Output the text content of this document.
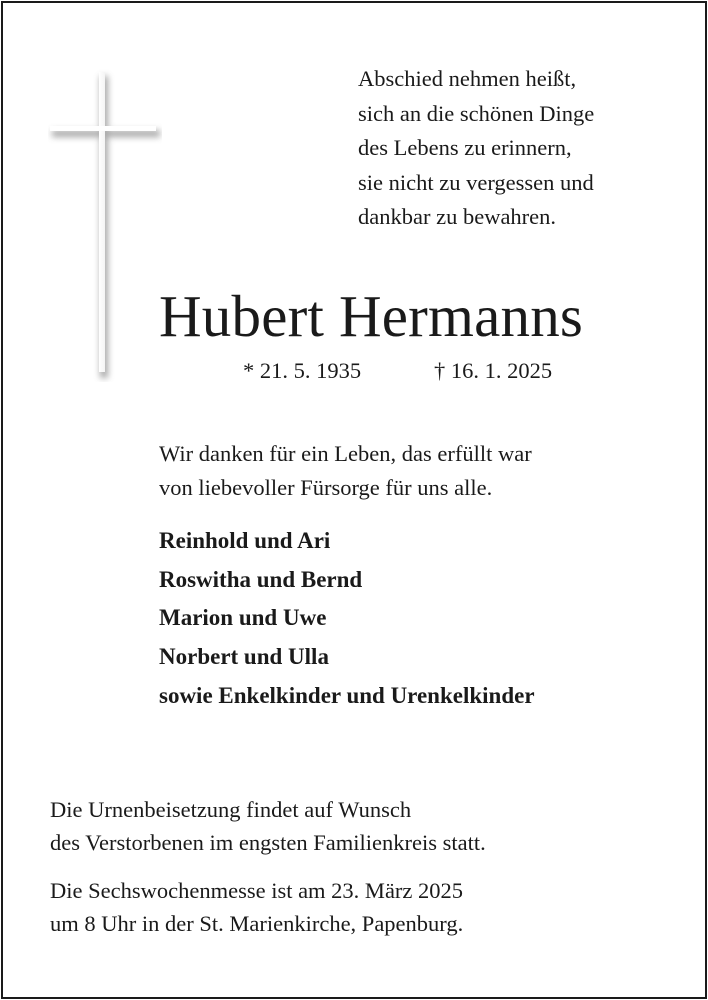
Abschied nehmen heißt,
sich an die schönen Dinge
des Lebens zu erinnern,
sie nicht zu vergessen und
dankbar zu bewahren.
Hubert Hermanns
* 21. 5. 1935	† 16. 1. 2025
Wir danken für ein Leben, das erfüllt war
von liebevoller Fürsorge für uns alle.
Reinhold und Ari
Roswitha und Bernd
Marion und Uwe
Norbert und Ulla
sowie Enkelkinder und Urenkelkinder
Die Urnenbeisetzung findet auf Wunsch
des Verstorbenen im engsten Familienkreis statt.
Die Sechswochenmesse ist am 23. März 2025
um 8 Uhr in der St. Marienkirche, Papenburg.
